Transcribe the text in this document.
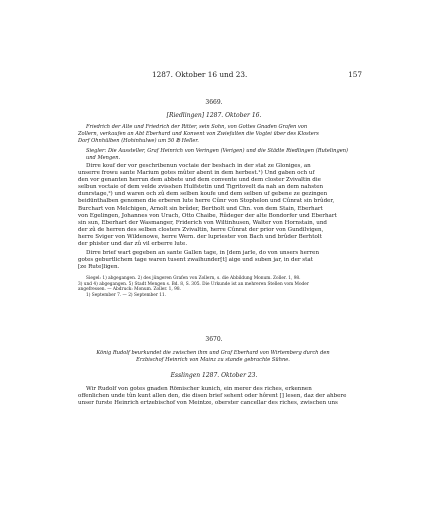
1287. Oktober 16 und 23.	157
3669.
[Riedlingen] 1287. Oktober 16.
Friedrich der Alte und Friedrich der Ritter, sein Sohn, von Gottes Gnaden Grafen von
Zollern, verkaufen an Abt Eberhard und Konvent von Zwiefalten die Vogtei über des Klosters
Dorf Ohnhülben (Hohinhulwe) um 50 ℔ Heller.
Siegler: Die Aussteller, Graf Heinrich von Veringen (Verigen) und die Städte Riedlingen (Rutelingen) und Mengen.
Dirre kouf der vor geschribenun voctaie der beshach in der stat ze Gloniges, an
unserre frowu sante Marium gotes mûter abent in dem herbest.¹) Und gaben och uf
den vor genanten herrun dem abbete und dem convente und dem closter Zvivaltin die
selbun voctaie of dem velde zvisshen Hulfstetin und Tigritovelt da nah an dem nahsten
dunrstage,²) und waren och zû dem selben koufe und dem selben uf gebene ze gezingen
beidünthalben genomen die erberen lute herre Cûnr von Stophelon und Cûnrat sin brûder,
Burchart von Melchigen, Arnolt sin brûder, Bertholt und Chn. von dem Stain, Eberhart
von Egelingen, Johannes von Urach, Otto Chaibe, Rûdeger der alte Bondorfer und Eberhart
sin sun, Eberhart der Wasmanger, Friderich von Wiltinhusen, Walter von Hornstain, und
der zû de herren des selben closters Zvivaltin, herre Cûnrat der prior von Gundilvigen,
herre Sviger von Wildenowe, herre Wern. der lupriester von Bach und brûder Berhtolt
der phister und dar zû vil erberre lute.
Dirre brief wart gegeben an sante Gallen tage, in [dem jarle, do von unsers herren
gotes geburtlichem tage waren tusent zwaihunder[t] aige und suben jar, in der stat
[ze Rute]ligen.
Siegel: 1) abgegangen. 2) des jüngeren Grafen von Zollern, s. die Abbildung Monum. Zoller. 1, 98.
3) und 4) abgegangen. 5) Stadt Mengen s. Bd. 8, S. 305. Die Urkunde ist an mehreren Stellen vom Moder
angefressen. — Abdruck: Monum. Zoller. 1, 98.
1) September 7. — 2) September 11.
3670.
König Rudolf beurkundet die zwischen ihm und Graf Eberhard von Wirtemberg durch den
Erzbischof Heinrich von Mainz zu stande gebrachte Sühne.
Esslingen 1287. Oktober 23.
Wir Rudolf von gotes gnaden Römischer kunich, ein merer des riches, erkennen
offenlichen unde tûn kunt allen den, die disen brief sehent oder hôrent [] lesen, daz der ahbere
unser furste Heinrich ertzebischof von Meintze, oberster cancellar des riches, zwischen uns
